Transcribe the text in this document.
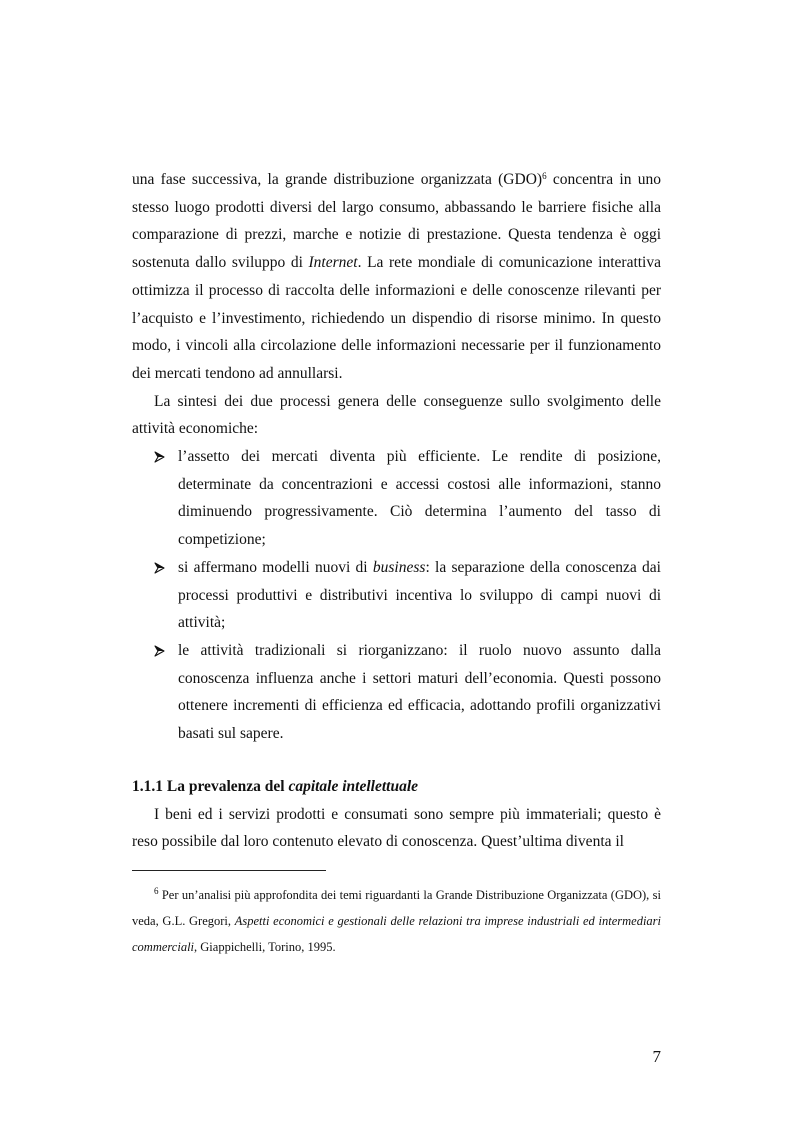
una fase successiva, la grande distribuzione organizzata (GDO)$^6$ concentra in uno stesso luogo prodotti diversi del largo consumo, abbassando le barriere fisiche alla comparazione di prezzi, marche e notizie di prestazione. Questa tendenza è oggi sostenuta dallo sviluppo di Internet. La rete mondiale di comunicazione interattiva ottimizza il processo di raccolta delle informazioni e delle conoscenze rilevanti per l’acquisto e l’investimento, richiedendo un dispendio di risorse minimo. In questo modo, i vincoli alla circolazione delle informazioni necessarie per il funzionamento dei mercati tendono ad annullarsi.

La sintesi dei due processi genera delle conseguenze sullo svolgimento delle attività economiche:

l’assetto dei mercati diventa più efficiente. Le rendite di posizione, determinate da concentrazioni e accessi costosi alle informazioni, stanno diminuendo progressivamente. Ciò determina l’aumento del tasso di competizione;
si affermano modelli nuovi di business: la separazione della conoscenza dai processi produttivi e distributivi incentiva lo sviluppo di campi nuovi di attività;
le attività tradizionali si riorganizzano: il ruolo nuovo assunto dalla conoscenza influenza anche i settori maturi dell’economia. Questi possono ottenere incrementi di efficienza ed efficacia, adottando profili organizzativi basati sul sapere.
1.1.1 La prevalenza del capitale intellettuale

I beni ed i servizi prodotti e consumati sono sempre più immateriali; questo è reso possibile dal loro contenuto elevato di conoscenza. Quest’ultima diventa il

$^6$ Per un’analisi più approfondita dei temi riguardanti la Grande Distribuzione Organizzata (GDO), si veda, G.L. Gregori, Aspetti economici e gestionali delle relazioni tra imprese industriali ed intermediari commerciali, Giappichelli, Torino, 1995.

7
